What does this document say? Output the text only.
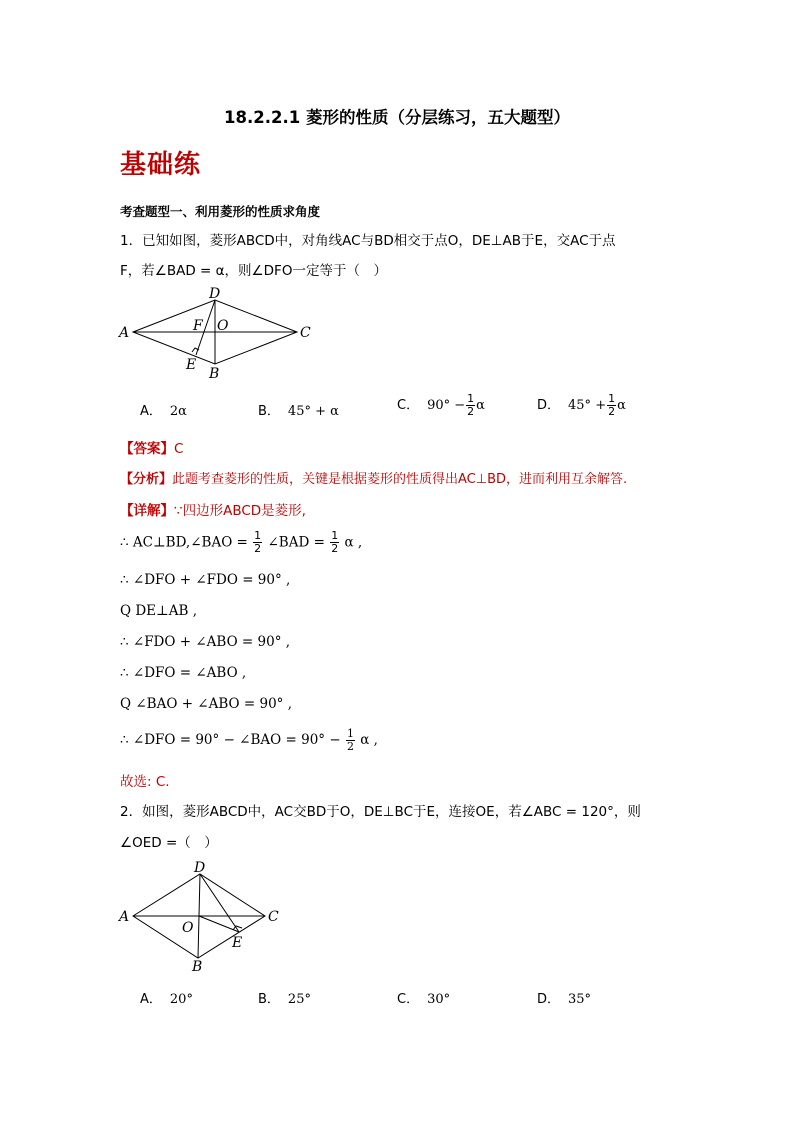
18.2.2.1 菱形的性质（分层练习，五大题型）
基础练
考查题型一、利用菱形的性质求角度
1．已知如图，菱形ABCD中，对角线AC与BD相交于点O，DE⊥AB于E，交AC于点
F，若∠BAD = α，则∠DFO一定等于（　）
A
D
C
B
E
F O
A． 2α	B． 45° + α	C． $90^\circ - \frac{1}{2}$ α	D． $45^\circ + \frac{1}{2}$ α
【答案】C
【分析】此题考查菱形的性质，关键是根据菱形的性质得出AC⊥BD，进而利用互余解答.
【详解】∵四边形ABCD是菱形,
∴ AC⊥BD,∠BAO = $\frac{1}{2}$ ∠BAD = $\frac{1}{2}$ α ,
∴ ∠DFO + ∠FDO = 90° ,
Q DE⊥AB ,
∴ ∠FDO + ∠ABO = 90° ,
∴ ∠DFO = ∠ABO ,
Q ∠BAO + ∠ABO = 90° ,
∴ ∠DFO = 90° − ∠BAO = $90^\circ - \frac{1}{2}$ α ,
故选: C.
2．如图，菱形ABCD中，AC交BD于O，DE⊥BC于E，连接OE，若∠ABC = 120°，则
∠OED =（　）
A
D
C
B
O
E
A． 20°	B． 25°	C． 30°	D． 35°
